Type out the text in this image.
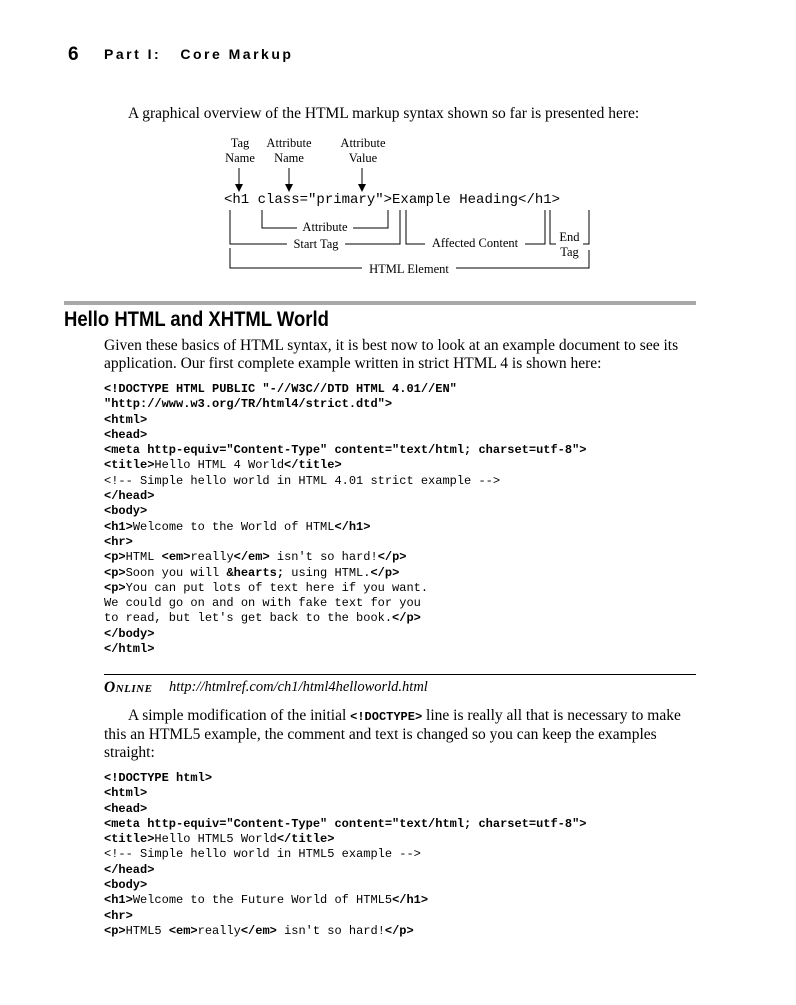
6 Part I:   Core Markup
A graphical overview of the HTML markup syntax shown so far is presented here:
Tag
Name
Attribute
Name
Attribute
Value
<h1 class="primary">Example Heading</h1>
Attribute
Start Tag	Affected Content	End
Tag
HTML Element
Hello HTML and XHTML World
Given these basics of HTML syntax, it is best now to look at an example document to see its application. Our first complete example written in strict HTML 4 is shown here:
<!DOCTYPE HTML PUBLIC "-//W3C//DTD HTML 4.01//EN"
"http://www.w3.org/TR/html4/strict.dtd">
<html>
<head>
<meta http-equiv="Content-Type" content="text/html; charset=utf-8">
<title>Hello HTML 4 World</title>
<!-- Simple hello world in HTML 4.01 strict example -->
</head>
<body>
<h1>Welcome to the World of HTML</h1>
<hr>
<p>HTML <em>really</em> isn't so hard!</p>
<p>Soon you will &hearts; using HTML.</p>
<p>You can put lots of text here if you want.
We could go on and on with fake text for you
to read, but let's get back to the book.</p>
</body>
</html>
Online http://htmlref.com/ch1/html4helloworld.html
A simple modification of the initial <!DOCTYPE> line is really all that is necessary to make this an HTML5 example, the comment and text is changed so you can keep the examples straight:
<!DOCTYPE html>
<html>
<head>
<meta http-equiv="Content-Type" content="text/html; charset=utf-8">
<title>Hello HTML5 World</title>
<!-- Simple hello world in HTML5 example -->
</head>
<body>
<h1>Welcome to the Future World of HTML5</h1>
<hr>
<p>HTML5 <em>really</em> isn't so hard!</p>
